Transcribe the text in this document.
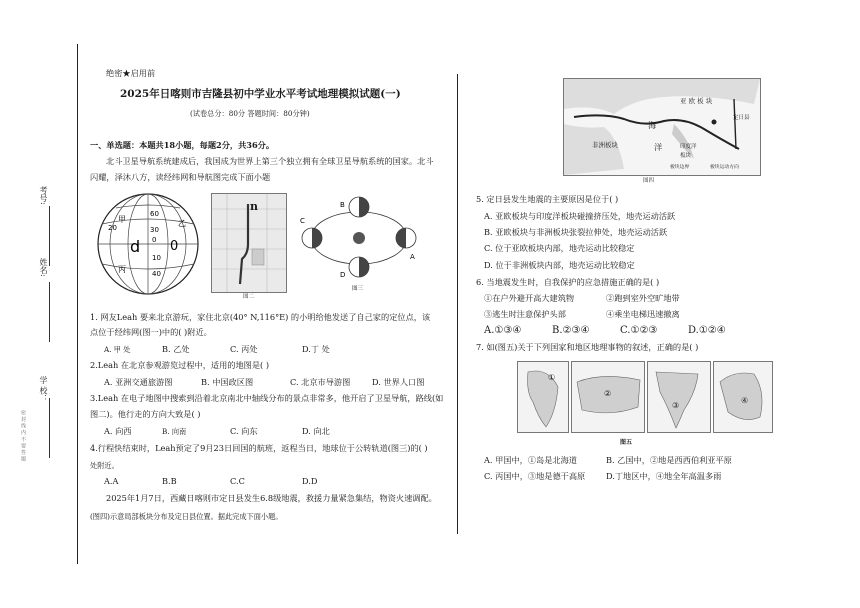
考号:
姓名:
学 校：
密 封 线 内 不 要 答 题
绝密★启用前
2025年日喀则市吉隆县初中学业水平考试地理模拟试题(一)
(试卷总分：80分 答题时间：80分钟)
一、单选题：本题共18小题，每题2分，共36分。
北斗卫星导航系统建成后，我国成为世界上第三个独立拥有全球卫星导航系统的国家。北斗
闪耀，泽沐八方，读经纬网和导航图完成下面小题
60
30
甲
20	乙
d 0
0
10
40
丙
n
图二
B
A
C
D
图三
1. 网友Leah 要来北京游玩，家住北京(40° N,116°E) 的小明给他发送了自己家的定位点，该
点位于经纬网(图一)中的( )附近。
A. 甲 处	B. 乙处	C. 丙处	D.丁 处
2.Leah 在北京参观游览过程中，适用的地图是( )
A. 亚洲交通旅游图	B. 中国政区图	C. 北京市导游图	D. 世界人口图
3.Leah 在电子地图中搜索到沿着北京南北中轴线分布的景点非常多，他开启了卫星导航，路线(如
图二)。他行走的方向大致是( )
A. 向西	B. 向南	C. 向东	D. 向北
4.行程快结束时，Leah预定了9月23日回国的航班，返程当日，地球位于公转轨道(图三)的( )
处附近。
A.A	B.B	C.C	D.D
2025年1月7日，西藏日喀则市定日县发生6.8级地震，救援力量紧急集结，物资火速调配。
(图四)示意局部板块分布及定日县位置。据此完成下面小题。
亚 欧 板 块
非洲板块
海
洋	印度洋
板块
定日县
板块边界	板块运动方向
图四
5. 定日县发生地震的主要原因是位于( )
A. 亚欧板块与印度洋板块碰撞挤压处，地壳运动活跃
B. 亚欧板块与非洲板块张裂拉伸处，地壳运动活跃
C. 位于亚欧板块内部，地壳运动比较稳定
D. 位于非洲板块内部，地壳运动比较稳定
6. 当地震发生时，自我保护的应急措施正确的是( )
①在户外避开高大建筑物	②跑到室外空旷地带
③逃生时注意保护头部	④乘坐电梯迅速撤离
A.①③④	B.②③④	C.①②③	D.①②④
7. 如(图五)关于下列国家和地区地理事物的叙述，正确的是( )
①
②
③	④
图五
A. 甲国中，①岛是北海道	B. 乙国中，②地是西西伯利亚平原
C. 丙国中，③地是德干高原	D.丁地区中，④地全年高温多雨
